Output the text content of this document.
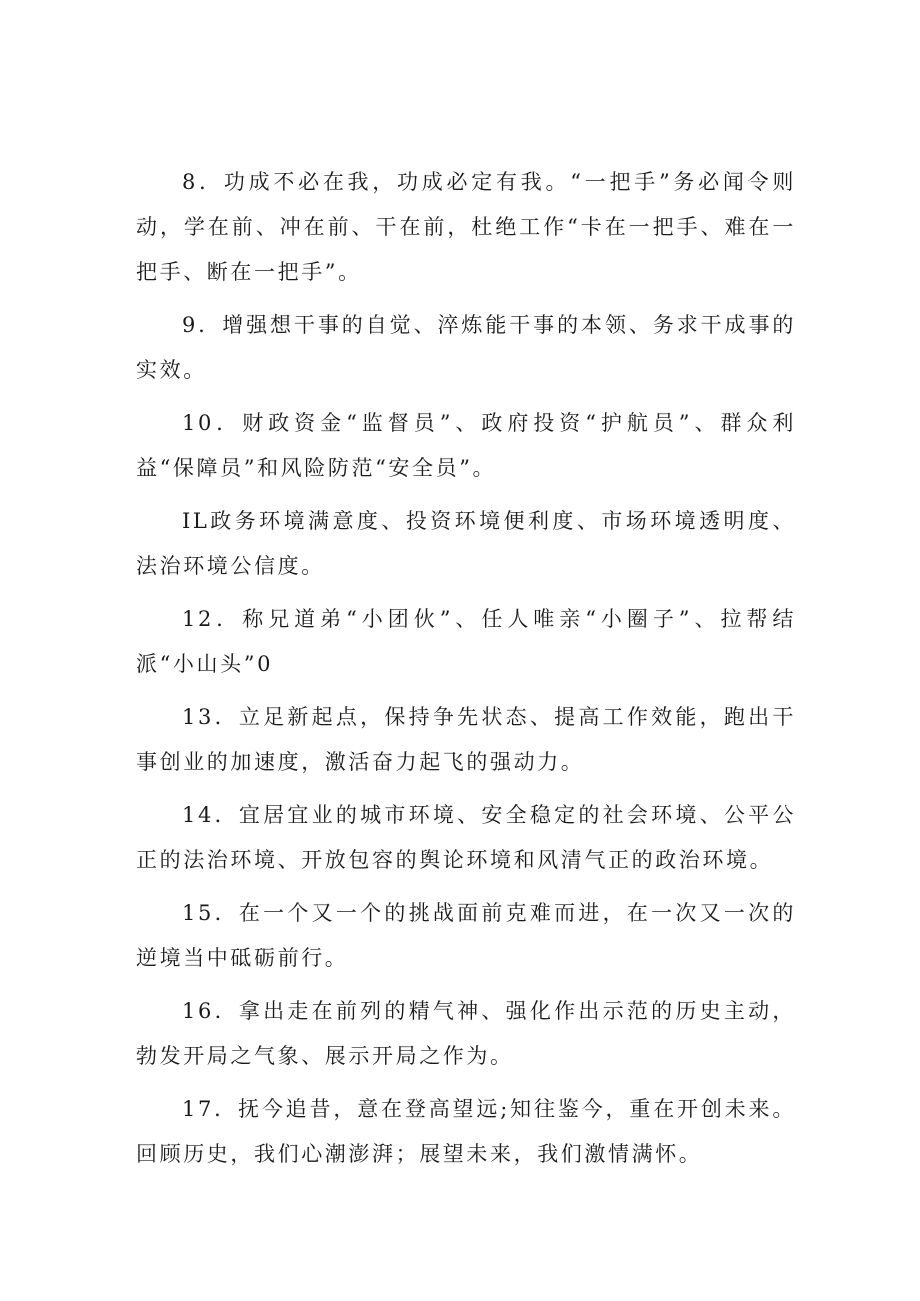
8．功成不必在我，功成必定有我。“一把手”务必闻令则动，学在前、冲在前、干在前，杜绝工作“卡在一把手、难在一把手、断在一把手”。

9．增强想干事的自觉、淬炼能干事的本领、务求干成事的实效。

10．财政资金“监督员”、政府投资“护航员”、群众利益“保障员”和风险防范“安全员”。

IL政务环境满意度、投资环境便利度、市场环境透明度、法治环境公信度。

12．称兄道弟“小团伙”、任人唯亲“小圈子”、拉帮结派“小山头”0

13．立足新起点，保持争先状态、提高工作效能，跑出干事创业的加速度，激活奋力起飞的强动力。

14．宜居宜业的城市环境、安全稳定的社会环境、公平公正的法治环境、开放包容的舆论环境和风清气正的政治环境。

15．在一个又一个的挑战面前克难而进，在一次又一次的逆境当中砥砺前行。

16．拿出走在前列的精气神、强化作出示范的历史主动，勃发开局之气象、展示开局之作为。

17．抚今追昔，意在登高望远;知往鉴今，重在开创未来。回顾历史，我们心潮澎湃；展望未来，我们激情满怀。
